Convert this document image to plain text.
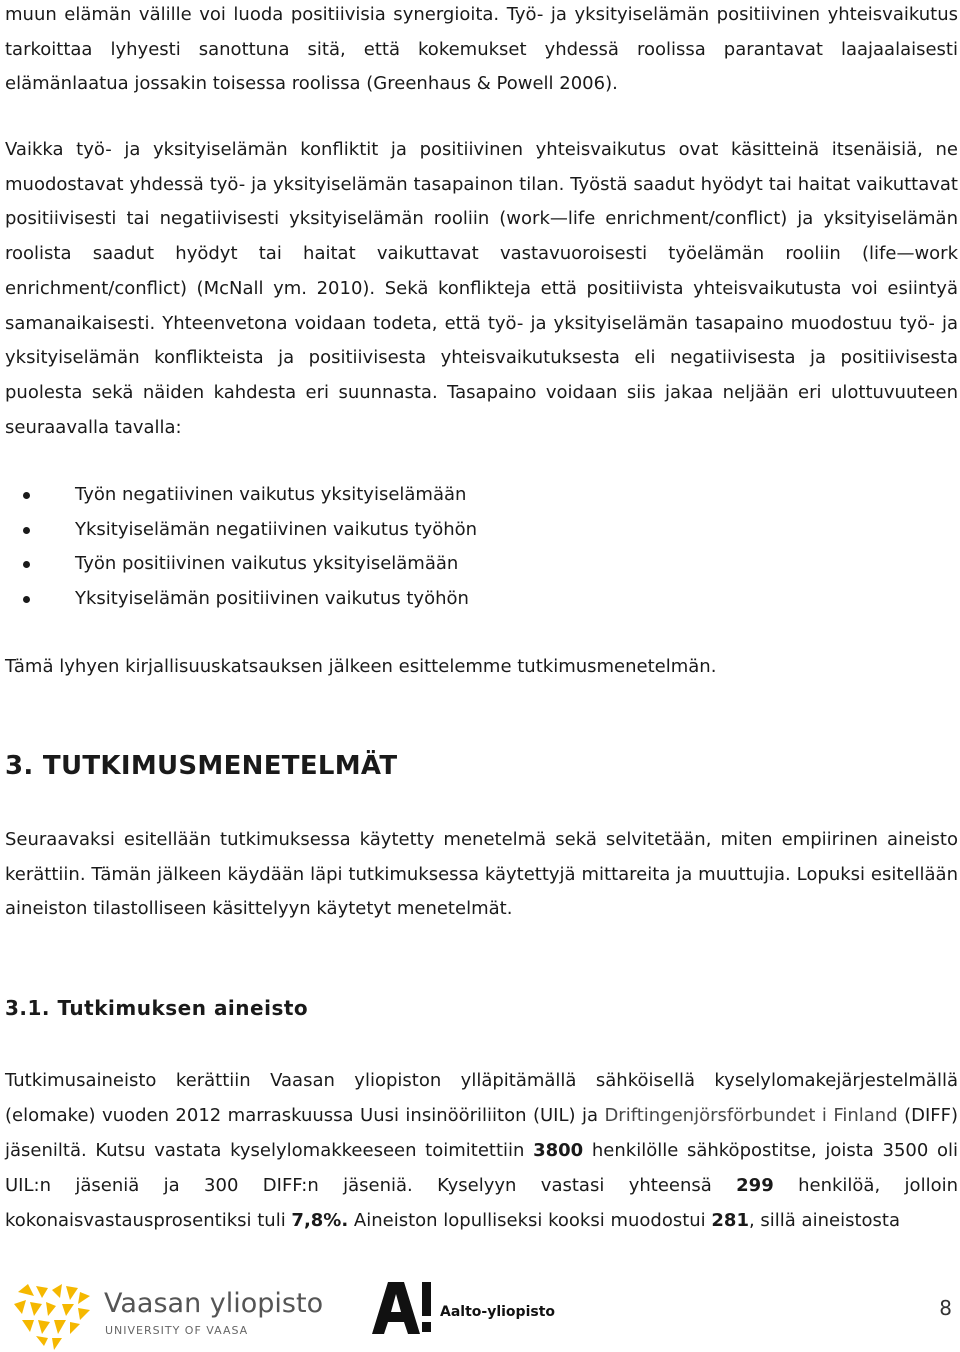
muun elämän välille voi luoda positiivisia synergioita. Työ- ja yksityiselämän positiivinen yhteisvaikutus tarkoittaa lyhyesti sanottuna sitä, että kokemukset yhdessä roolissa parantavat laajaalaisesti elämänlaatua jossakin toisessa roolissa (Greenhaus & Powell 2006).

Vaikka työ- ja yksityiselämän konfliktit ja positiivinen yhteisvaikutus ovat käsitteinä itsenäisiä, ne muodostavat yhdessä työ- ja yksityiselämän tasapainon tilan. Työstä saadut hyödyt tai haitat vaikuttavat positiivisesti tai negatiivisesti yksityiselämän rooliin (work—life enrichment/conflict) ja yksityiselämän roolista saadut hyödyt tai haitat vaikuttavat vastavuoroisesti työelämän rooliin (life—work enrichment/conflict) (McNall ym. 2010). Sekä konflikteja että positiivista yhteisvaikutusta voi esiintyä samanaikaisesti. Yhteenvetona voidaan todeta, että työ- ja yksityiselämän tasapaino muodostuu työ- ja yksityiselämän konflikteista ja positiivisesta yhteisvaikutuksesta eli negatiivisesta ja positiivisesta puolesta sekä näiden kahdesta eri suunnasta. Tasapaino voidaan siis jakaa neljään eri ulottuvuuteen seuraavalla tavalla:

Työn negatiivinen vaikutus yksityiselämään
Yksityiselämän negatiivinen vaikutus työhön
Työn positiivinen vaikutus yksityiselämään
Yksityiselämän positiivinen vaikutus työhön

Tämä lyhyen kirjallisuuskatsauksen jälkeen esittelemme tutkimusmenetelmän.

3. TUTKIMUSMENETELMÄT

Seuraavaksi esitellään tutkimuksessa käytetty menetelmä sekä selvitetään, miten empiirinen aineisto kerättiin. Tämän jälkeen käydään läpi tutkimuksessa käytettyjä mittareita ja muuttujia. Lopuksi esitellään aineiston tilastolliseen käsittelyyn käytetyt menetelmät.

3.1. Tutkimuksen aineisto

Tutkimusaineisto kerättiin Vaasan yliopiston ylläpitämällä sähköisellä kyselylomakejärjestelmällä (elomake) vuoden 2012 marraskuussa Uusi insinööriliiton (UIL) ja Driftingenjörsförbundet i Finland (DIFF) jäseniltä. Kutsu vastata kyselylomakkeeseen toimitettiin 3800 henkilölle sähköpostitse, joista 3500 oli UIL:n jäseniä ja 300 DIFF:n jäseniä. Kyselyyn vastasi yhteensä 299 henkilöä, jolloin kokonaisvastausprosentiksi tuli 7,8%. Aineiston lopulliseksi kooksi muodostui 281, sillä aineistosta

Vaasan yliopisto
UNIVERSITY OF VAASA
Aalto-yliopisto	8
